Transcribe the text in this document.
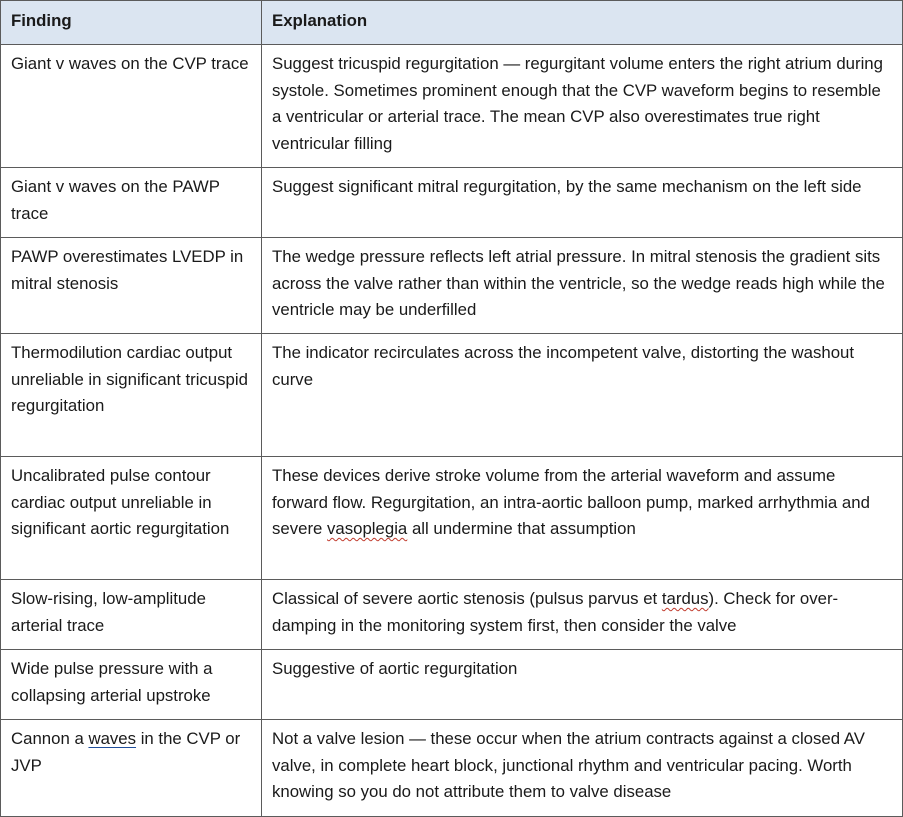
Finding	Explanation
Giant v waves on the CVP trace	Suggest tricuspid regurgitation — regurgitant volume enters the right atrium during systole. Sometimes prominent enough that the CVP waveform begins to resemble a ventricular or arterial trace. The mean CVP also overestimates true right ventricular filling
Giant v waves on the PAWP trace	Suggest significant mitral regurgitation, by the same mechanism on the left side
PAWP overestimates LVEDP in mitral stenosis	The wedge pressure reflects left atrial pressure. In mitral stenosis the gradient sits across the valve rather than within the ventricle, so the wedge reads high while the ventricle may be underfilled
Thermodilution cardiac output unreliable in significant tricuspid regurgitation	The indicator recirculates across the incompetent valve, distorting the washout curve
Uncalibrated pulse contour cardiac output unreliable in significant aortic regurgitation	These devices derive stroke volume from the arterial waveform and assume forward flow. Regurgitation, an intra-aortic balloon pump, marked arrhythmia and severe vasoplegia all undermine that assumption
Slow-rising, low-amplitude arterial trace	Classical of severe aortic stenosis (pulsus parvus et tardus). Check for over-damping in the monitoring system first, then consider the valve
Wide pulse pressure with a collapsing arterial upstroke	Suggestive of aortic regurgitation
Cannon a waves in the CVP or JVP	Not a valve lesion — these occur when the atrium contracts against a closed AV valve, in complete heart block, junctional rhythm and ventricular pacing. Worth knowing so you do not attribute them to valve disease
